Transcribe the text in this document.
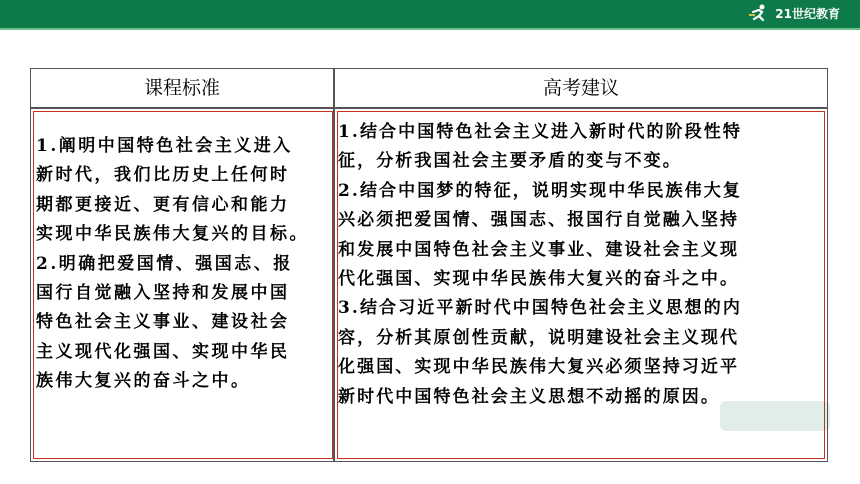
21世纪教育
课程标准	高考建议
1.阐明中国特色社会主义进入
新时代，我们比历史上任何时
期都更接近、更有信心和能力
实现中华民族伟大复兴的目标。
2.明确把爱国情、强国志、报
国行自觉融入坚持和发展中国
特色社会主义事业、建设社会
主义现代化强国、实现中华民
族伟大复兴的奋斗之中。
1.结合中国特色社会主义进入新时代的阶段性特
征，分析我国社会主要矛盾的变与不变。
2.结合中国梦的特征，说明实现中华民族伟大复
兴必须把爱国情、强国志、报国行自觉融入坚持
和发展中国特色社会主义事业、建设社会主义现
代化强国、实现中华民族伟大复兴的奋斗之中。
3.结合习近平新时代中国特色社会主义思想的内
容，分析其原创性贡献，说明建设社会主义现代
化强国、实现中华民族伟大复兴必须坚持习近平
新时代中国特色社会主义思想不动摇的原因。
